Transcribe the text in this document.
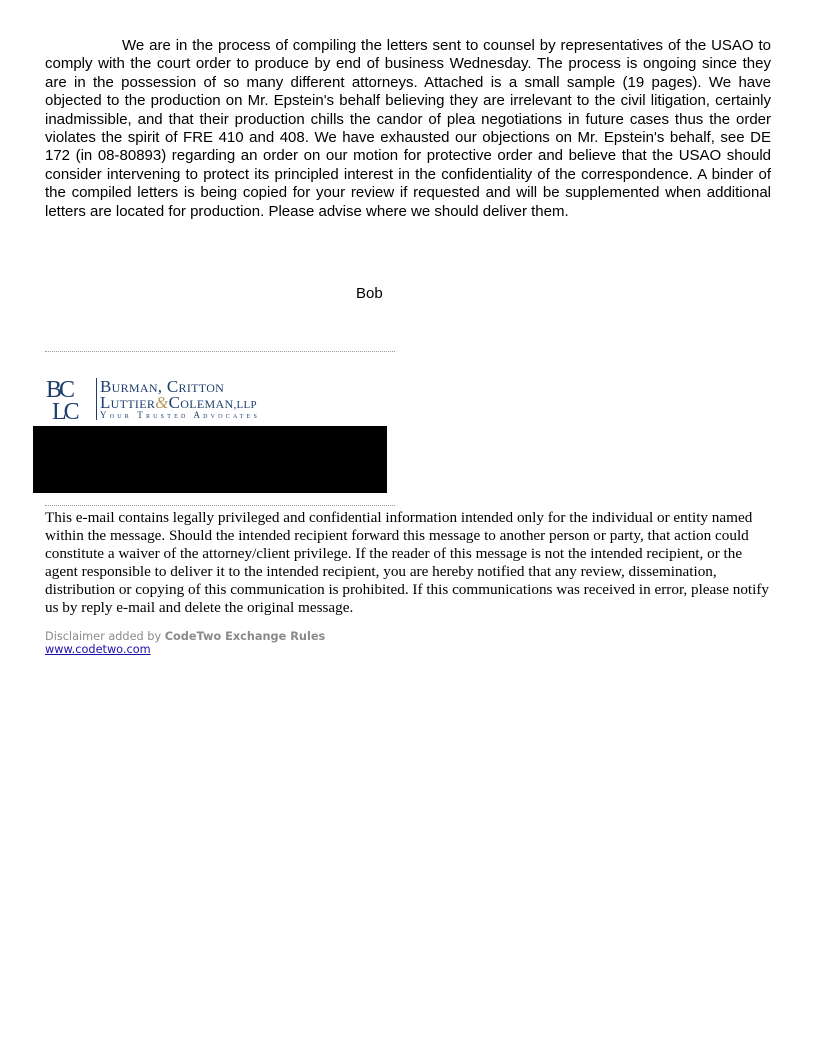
We are in the process of compiling the letters sent to counsel by representatives of the USAO to comply with the court order to produce by end of business Wednesday. The process is ongoing since they are in the possession of so many different attorneys. Attached is a small sample (19 pages). We have objected to the production on Mr. Epstein's behalf believing they are irrelevant to the civil litigation, certainly inadmissible, and that their production chills the candor of plea negotiations in future cases thus the order violates the spirit of FRE 410 and 408. We have exhausted our objections on Mr. Epstein's behalf, see DE 172 (in 08-80893) regarding an order on our motion for protective order and believe that the USAO should consider intervening to protect its principled interest in the confidentiality of the correspondence. A binder of the compiled letters is being copied for your review if requested and will be supplemented when additional letters are located for production. Please advise where we should deliver them.

Bob
BC
LC
Burman, Critton
Luttier&Coleman,LLP
Your Trusted Advocates

This e-mail contains legally privileged and confidential information intended only for the individual or entity named within the message. Should the intended recipient forward this message to another person or party, that action could constitute a waiver of the attorney/client privilege. If the reader of this message is not the intended recipient, or the agent responsible to deliver it to the intended recipient, you are hereby notified that any review, dissemination, distribution or copying of this communication is prohibited. If this communications was received in error, please notify us by reply e-mail and delete the original message.

Disclaimer added by CodeTwo Exchange Rules
www.codetwo.com
